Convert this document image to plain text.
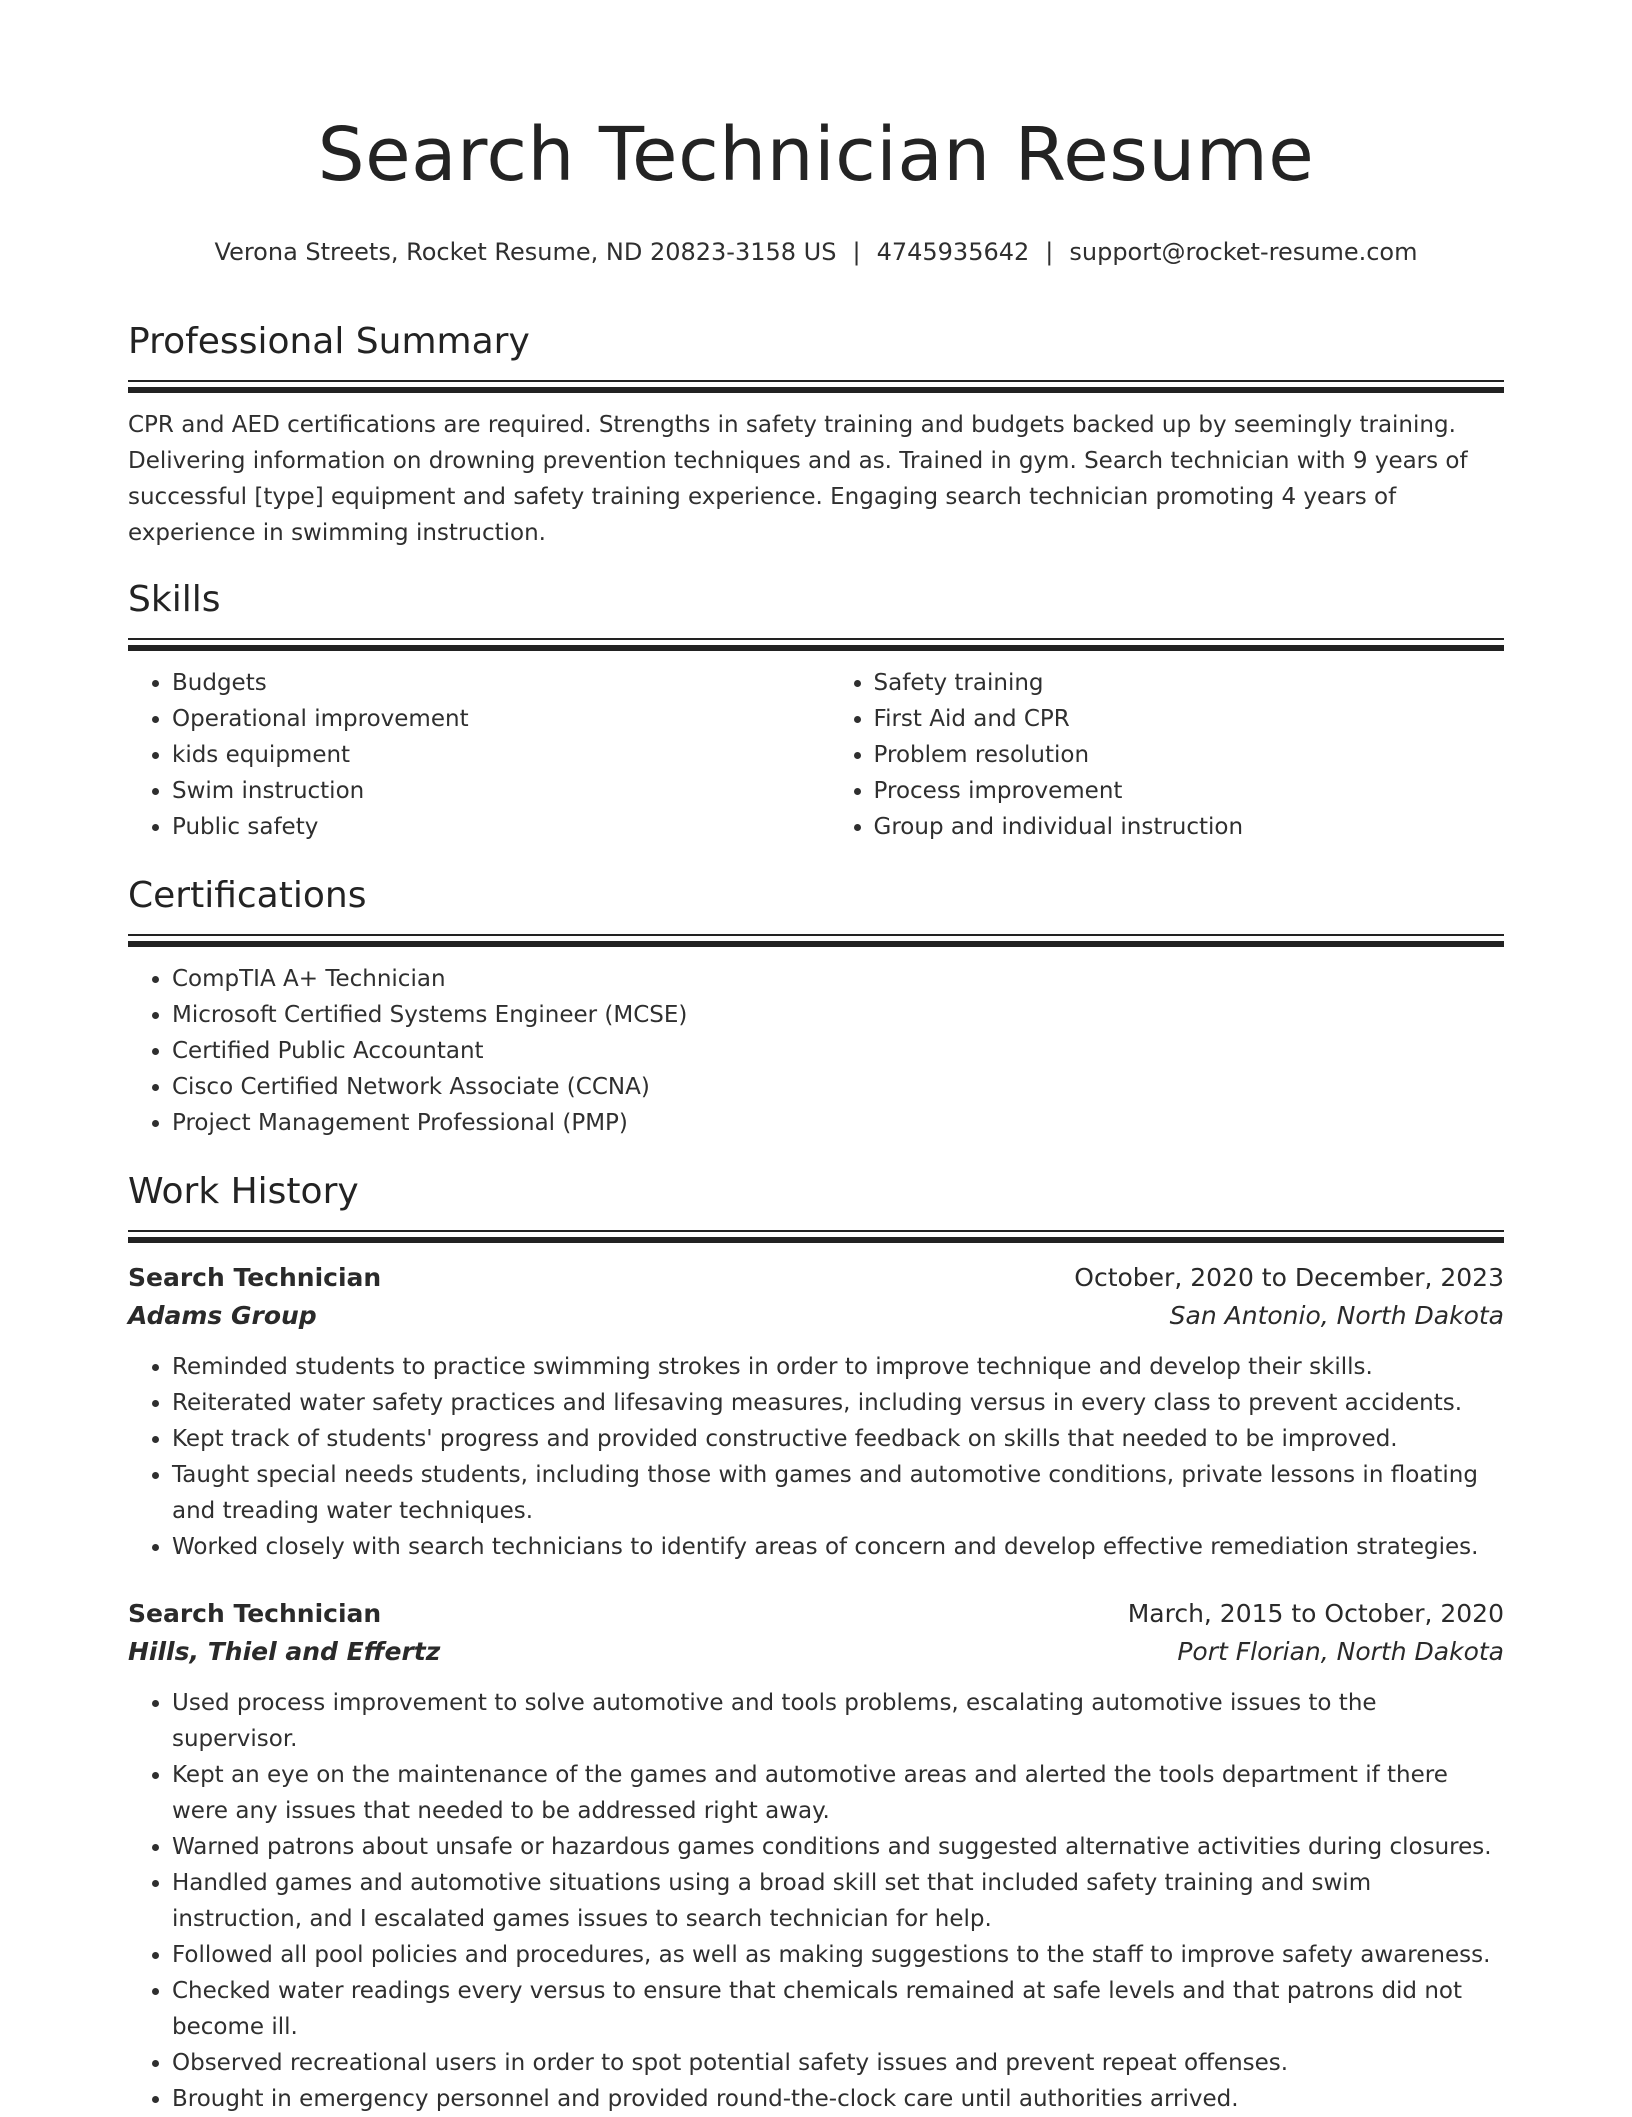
Search Technician Resume
Verona Streets, Rocket Resume, ND 20823-3158 US | 4745935642 | support@rocket-resume.com
Professional Summary

CPR and AED certifications are required. Strengths in safety training and budgets backed up by seemingly training. Delivering information on drowning prevention techniques and as. Trained in gym. Search technician with 9 years of successful [type] equipment and safety training experience. Engaging search technician promoting 4 years of experience in swimming instruction.

Skills
• Budgets
• Operational improvement
• kids equipment
• Swim instruction
• Public safety
• Safety training
• First Aid and CPR
• Problem resolution
• Process improvement
• Group and individual instruction
Certifications
• CompTIA A+ Technician
• Microsoft Certified Systems Engineer (MCSE)
• Certified Public Accountant
• Cisco Certified Network Associate (CCNA)
• Project Management Professional (PMP)
Work History
Search Technician	October, 2020 to December, 2023
Adams Group	San Antonio, North Dakota
• Reminded students to practice swimming strokes in order to improve technique and develop their skills.
• Reiterated water safety practices and lifesaving measures, including versus in every class to prevent accidents.
• Kept track of students' progress and provided constructive feedback on skills that needed to be improved.
• Taught special needs students, including those with games and automotive conditions, private lessons in floating and treading water techniques.
• Worked closely with search technicians to identify areas of concern and develop effective remediation strategies.
Search Technician	March, 2015 to October, 2020
Hills, Thiel and Effertz	Port Florian, North Dakota
• Used process improvement to solve automotive and tools problems, escalating automotive issues to the supervisor.
• Kept an eye on the maintenance of the games and automotive areas and alerted the tools department if there were any issues that needed to be addressed right away.
• Warned patrons about unsafe or hazardous games conditions and suggested alternative activities during closures.
• Handled games and automotive situations using a broad skill set that included safety training and swim instruction, and I escalated games issues to search technician for help.
• Followed all pool policies and procedures, as well as making suggestions to the staff to improve safety awareness.
• Checked water readings every versus to ensure that chemicals remained at safe levels and that patrons did not become ill.
• Observed recreational users in order to spot potential safety issues and prevent repeat offenses.
• Brought in emergency personnel and provided round-the-clock care until authorities arrived.
